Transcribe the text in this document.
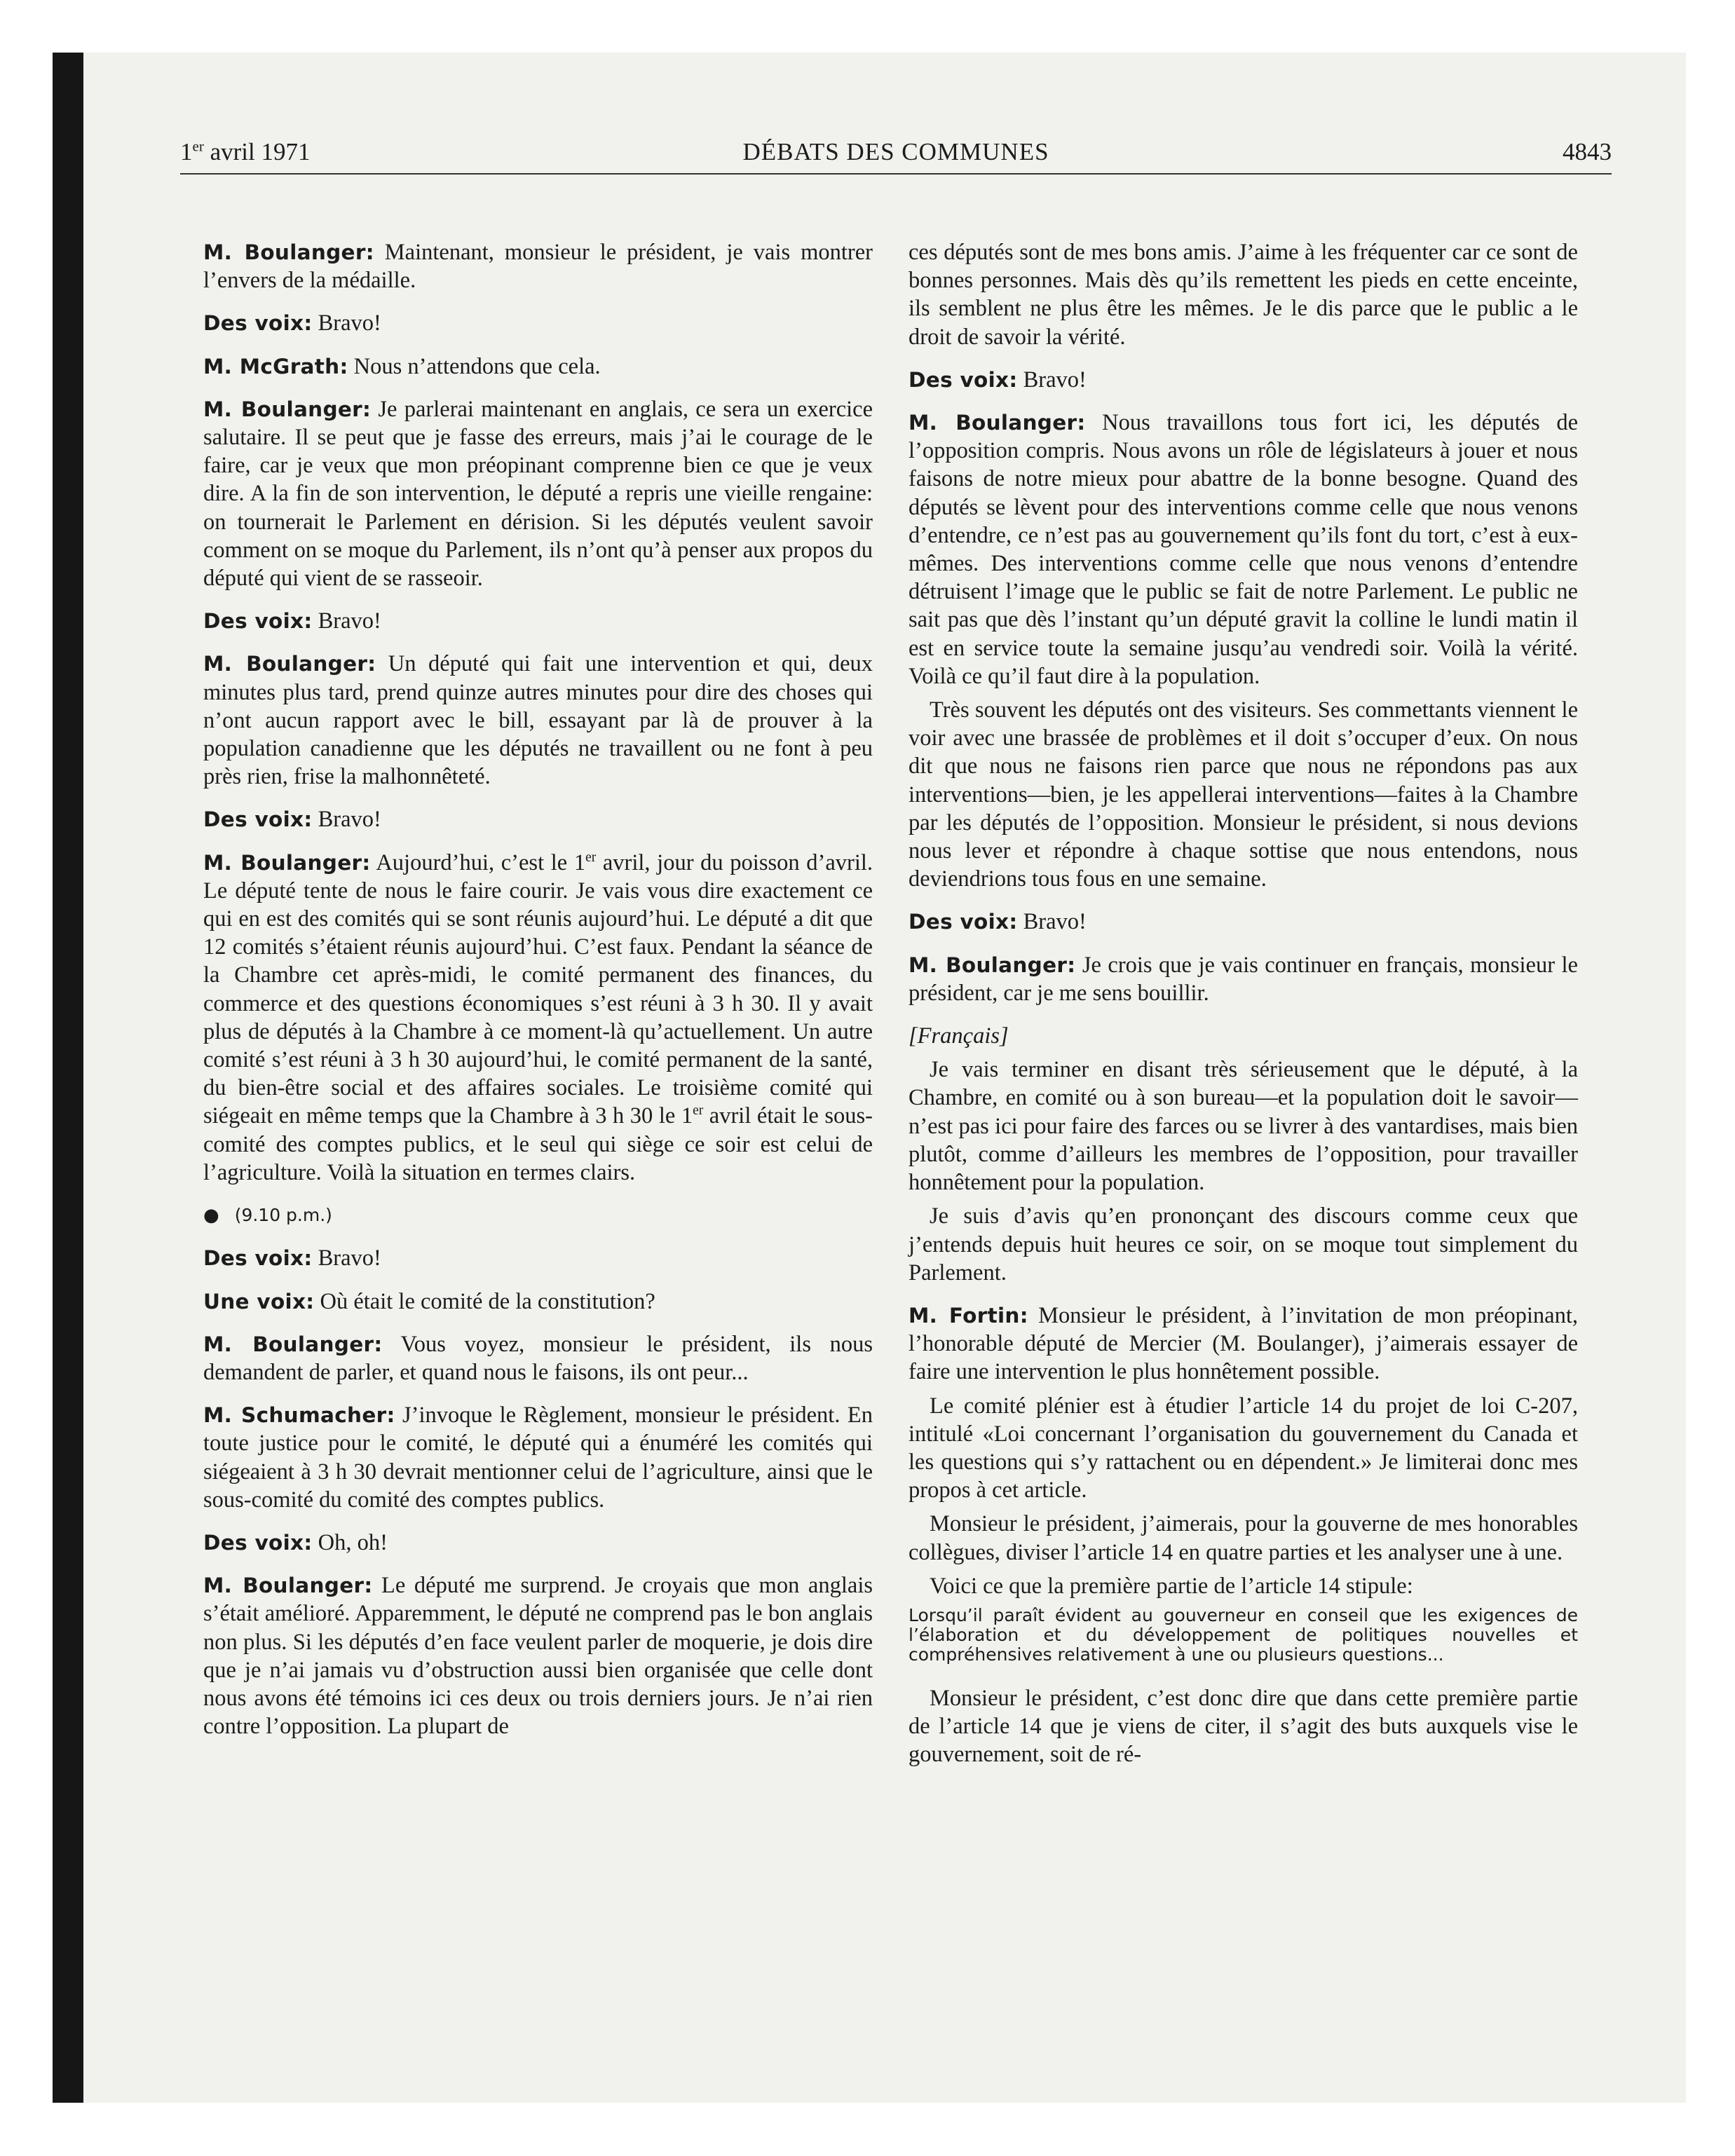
1er avril 1971	DÉBATS DES COMMUNES	4843

M. Boulanger: Maintenant, monsieur le président, je vais montrer l’envers de la médaille.

Des voix: Bravo!

M. McGrath: Nous n’attendons que cela.

M. Boulanger: Je parlerai maintenant en anglais, ce sera un exercice salutaire. Il se peut que je fasse des erreurs, mais j’ai le courage de le faire, car je veux que mon préopinant comprenne bien ce que je veux dire. A la fin de son intervention, le député a repris une vieille rengaine: on tournerait le Parlement en dérision. Si les députés veulent savoir comment on se moque du Parlement, ils n’ont qu’à penser aux propos du député qui vient de se rasseoir.

Des voix: Bravo!

M. Boulanger: Un député qui fait une intervention et qui, deux minutes plus tard, prend quinze autres minutes pour dire des choses qui n’ont aucun rapport avec le bill, essayant par là de prouver à la population canadienne que les députés ne travaillent ou ne font à peu près rien, frise la malhonnêteté.

Des voix: Bravo!

M. Boulanger: Aujourd’hui, c’est le 1er avril, jour du poisson d’avril. Le député tente de nous le faire courir. Je vais vous dire exactement ce qui en est des comités qui se sont réunis aujourd’hui. Le député a dit que 12 comités s’étaient réunis aujourd’hui. C’est faux. Pendant la séance de la Chambre cet après-midi, le comité permanent des finances, du commerce et des questions économiques s’est réuni à 3 h 30. Il y avait plus de députés à la Chambre à ce moment-là qu’actuellement. Un autre comité s’est réuni à 3 h 30 aujourd’hui, le comité permanent de la santé, du bien-être social et des affaires sociales. Le troisième comité qui siégeait en même temps que la Chambre à 3 h 30 le 1er avril était le sous-comité des comptes publics, et le seul qui siège ce soir est celui de l’agriculture. Voilà la situation en termes clairs.

● (9.10 p.m.)

Des voix: Bravo!

Une voix: Où était le comité de la constitution?

M. Boulanger: Vous voyez, monsieur le président, ils nous demandent de parler, et quand nous le faisons, ils ont peur...

M. Schumacher: J’invoque le Règlement, monsieur le président. En toute justice pour le comité, le député qui a énuméré les comités qui siégeaient à 3 h 30 devrait mentionner celui de l’agriculture, ainsi que le sous-comité du comité des comptes publics.

Des voix: Oh, oh!

M. Boulanger: Le député me surprend. Je croyais que mon anglais s’était amélioré. Apparemment, le député ne comprend pas le bon anglais non plus. Si les députés d’en face veulent parler de moquerie, je dois dire que je n’ai jamais vu d’obstruction aussi bien organisée que celle dont nous avons été témoins ici ces deux ou trois derniers jours. Je n’ai rien contre l’opposition. La plupart de

ces députés sont de mes bons amis. J’aime à les fréquenter car ce sont de bonnes personnes. Mais dès qu’ils remettent les pieds en cette enceinte, ils semblent ne plus être les mêmes. Je le dis parce que le public a le droit de savoir la vérité.

Des voix: Bravo!

M. Boulanger: Nous travaillons tous fort ici, les députés de l’opposition compris. Nous avons un rôle de législateurs à jouer et nous faisons de notre mieux pour abattre de la bonne besogne. Quand des députés se lèvent pour des interventions comme celle que nous venons d’entendre, ce n’est pas au gouvernement qu’ils font du tort, c’est à eux-mêmes. Des interventions comme celle que nous venons d’entendre détruisent l’image que le public se fait de notre Parlement. Le public ne sait pas que dès l’instant qu’un député gravit la colline le lundi matin il est en service toute la semaine jusqu’au vendredi soir. Voilà la vérité. Voilà ce qu’il faut dire à la population.

Très souvent les députés ont des visiteurs. Ses commettants viennent le voir avec une brassée de problèmes et il doit s’occuper d’eux. On nous dit que nous ne faisons rien parce que nous ne répondons pas aux interventions—bien, je les appellerai interventions—faites à la Chambre par les députés de l’opposition. Monsieur le président, si nous devions nous lever et répondre à chaque sottise que nous entendons, nous deviendrions tous fous en une semaine.

Des voix: Bravo!

M. Boulanger: Je crois que je vais continuer en français, monsieur le président, car je me sens bouillir.

[Français]

Je vais terminer en disant très sérieusement que le député, à la Chambre, en comité ou à son bureau—et la population doit le savoir—n’est pas ici pour faire des farces ou se livrer à des vantardises, mais bien plutôt, comme d’ailleurs les membres de l’opposition, pour travailler honnêtement pour la population.

Je suis d’avis qu’en prononçant des discours comme ceux que j’entends depuis huit heures ce soir, on se moque tout simplement du Parlement.

M. Fortin: Monsieur le président, à l’invitation de mon préopinant, l’honorable député de Mercier (M. Boulanger), j’aimerais essayer de faire une intervention le plus honnêtement possible.

Le comité plénier est à étudier l’article 14 du projet de loi C-207, intitulé «Loi concernant l’organisation du gouvernement du Canada et les questions qui s’y rattachent ou en dépendent.» Je limiterai donc mes propos à cet article.

Monsieur le président, j’aimerais, pour la gouverne de mes honorables collègues, diviser l’article 14 en quatre parties et les analyser une à une.

Voici ce que la première partie de l’article 14 stipule:

Lorsqu’il paraît évident au gouverneur en conseil que les exigences de l’élaboration et du développement de politiques nouvelles et compréhensives relativement à une ou plusieurs questions...

Monsieur le président, c’est donc dire que dans cette première partie de l’article 14 que je viens de citer, il s’agit des buts auxquels vise le gouvernement, soit de ré-
